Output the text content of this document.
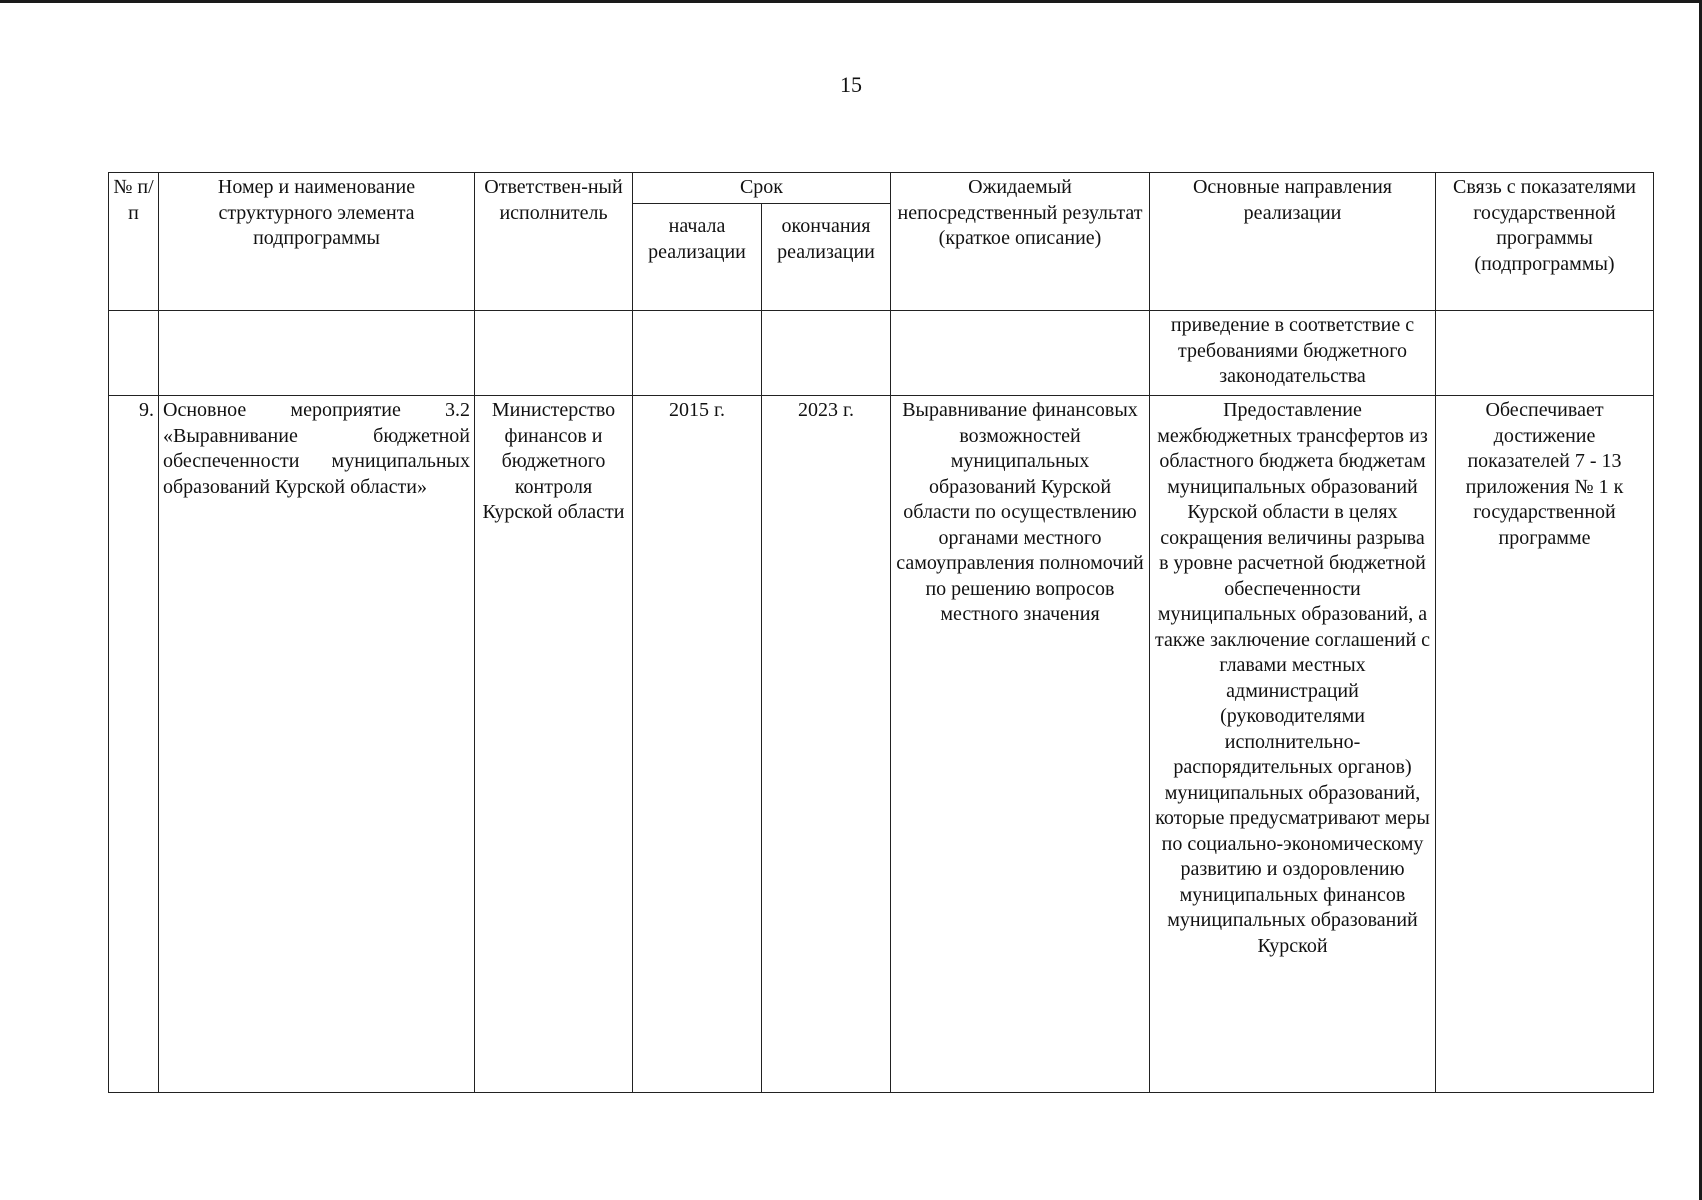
15
№ п/п	Номер и наименование структурного элемента подпрограммы	Ответствен-ный исполнитель	Срок		Ожидаемый непосредственный результат (краткое описание)	Основные направления реализации	Связь с показателями государственной программы (подпрограммы)
			начала реализации	окончания реализации			
						приведение в соответствие с требованиями бюджетного законодательства	
9.	Основное мероприятие 3.2 «Выравнивание бюджетной обеспеченности муниципальных образований Курской области»	Министерство финансов и бюджетного контроля Курской области	2015 г.	2023 г.	Выравнивание финансовых возможностей муниципальных образований Курской области по осуществлению органами местного самоуправления полномочий по решению вопросов местного значения	Предоставление межбюджетных трансфертов из областного бюджета бюджетам муниципальных образований Курской области в целях сокращения величины разрыва в уровне расчетной бюджетной обеспеченности муниципальных образований, а также заключение соглашений с главами местных администраций (руководителями исполнительно-распорядительных органов) муниципальных образований, которые предусматривают меры по социально-экономическому развитию и оздоровлению муниципальных финансов муниципальных образований Курской	Обеспечивает достижение показателей 7 - 13 приложения № 1 к государственной программе
